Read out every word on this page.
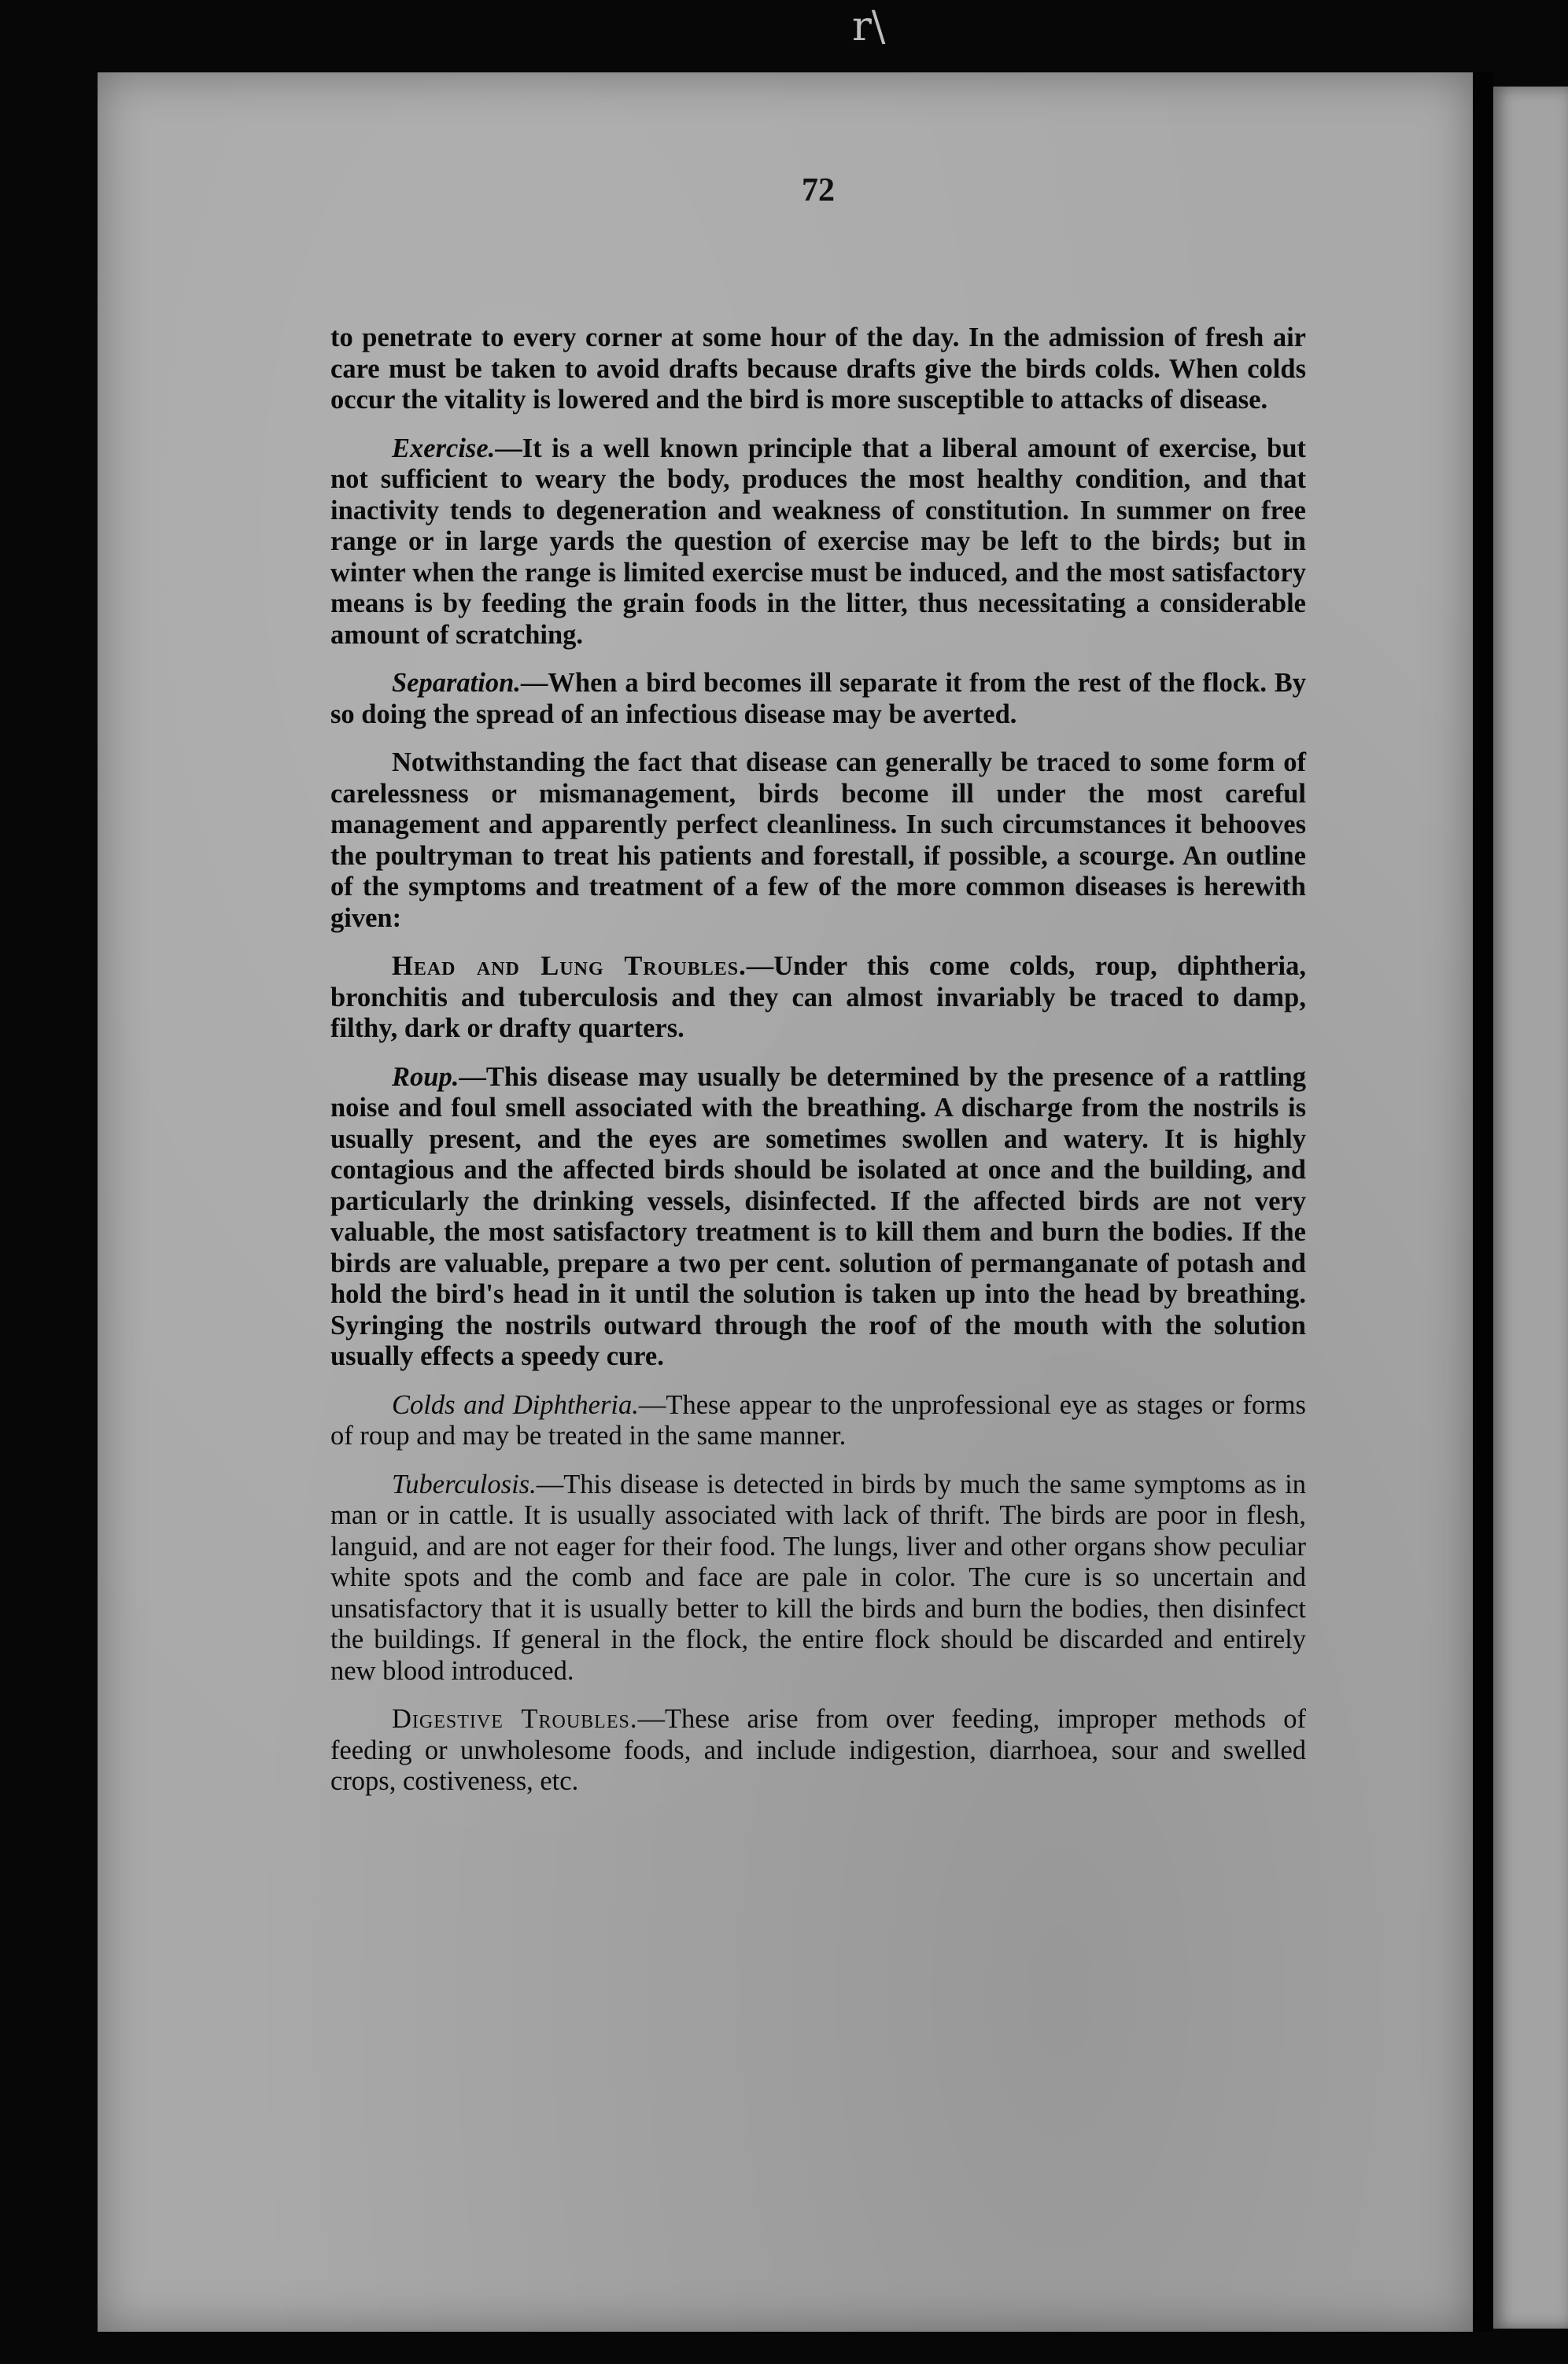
r\
72

to penetrate to every corner at some hour of the day. In the admission of fresh air care must be taken to avoid drafts because drafts give the birds colds. When colds occur the vitality is lowered and the bird is more susceptible to attacks of disease.

Exercise.—It is a well known principle that a liberal amount of exercise, but not sufficient to weary the body, produces the most healthy condition, and that inactivity tends to degeneration and weakness of constitution. In summer on free range or in large yards the question of exercise may be left to the birds; but in winter when the range is limited exercise must be induced, and the most satisfactory means is by feeding the grain foods in the litter, thus necessitating a considerable amount of scratching.

Separation.—When a bird becomes ill separate it from the rest of the flock. By so doing the spread of an infectious disease may be averted.

Notwithstanding the fact that disease can generally be traced to some form of carelessness or mismanagement, birds become ill under the most careful management and apparently perfect cleanliness. In such circumstances it behooves the poultryman to treat his patients and forestall, if possible, a scourge. An outline of the symptoms and treatment of a few of the more common diseases is herewith given:

Head and Lung Troubles.—Under this come colds, roup, diphtheria, bronchitis and tuberculosis and they can almost invariably be traced to damp, filthy, dark or drafty quarters.

Roup.—This disease may usually be determined by the presence of a rattling noise and foul smell associated with the breathing. A discharge from the nostrils is usually present, and the eyes are sometimes swollen and watery. It is highly contagious and the affected birds should be isolated at once and the building, and particularly the drinking vessels, disinfected. If the affected birds are not very valuable, the most satisfactory treatment is to kill them and burn the bodies. If the birds are valuable, prepare a two per cent. solution of permanganate of potash and hold the bird's head in it until the solution is taken up into the head by breathing. Syringing the nostrils outward through the roof of the mouth with the solution usually effects a speedy cure.

Colds and Diphtheria.—These appear to the unprofessional eye as stages or forms of roup and may be treated in the same manner.

Tuberculosis.—This disease is detected in birds by much the same symptoms as in man or in cattle. It is usually associated with lack of thrift. The birds are poor in flesh, languid, and are not eager for their food. The lungs, liver and other organs show peculiar white spots and the comb and face are pale in color. The cure is so uncertain and unsatisfactory that it is usually better to kill the birds and burn the bodies, then disinfect the buildings. If general in the flock, the entire flock should be discarded and entirely new blood introduced.

Digestive Troubles.—These arise from over feeding, improper methods of feeding or unwholesome foods, and include indigestion, diarrhoea, sour and swelled crops, costiveness, etc.
